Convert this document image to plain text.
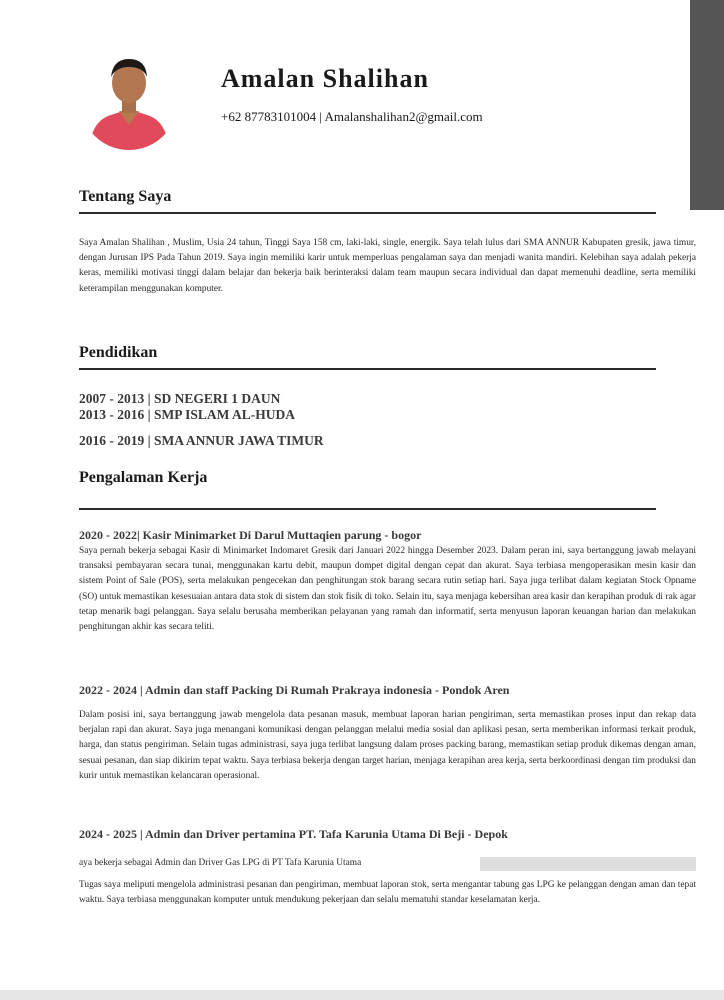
Amalan Shalihan
+62 87783101004 | Amalanshalihan2@gmail.com
Tentang Saya

Saya Amalan Shalihan , Muslim, Usia 24 tahun, Tinggi Saya 158 cm, laki-laki, single, energik. Saya telah lulus dari SMA ANNUR Kabupaten gresik, jawa timur, dengan Jurusan IPS Pada Tahun 2019. Saya ingin memiliki karir untuk memperluas pengalaman saya dan menjadi wanita mandiri. Kelebihan saya adalah pekerja keras, memiliki motivasi tinggi dalam belajar dan bekerja baik berinteraksi dalam team maupun secara individual dan dapat memenuhi deadline, serta memiliki keterampilan menggunakan komputer.

Pendidikan
2007 - 2013 | SD NEGERI 1 DAUN
2013 - 2016 | SMP ISLAM AL-HUDA
2016 - 2019 | SMA ANNUR JAWA TIMUR
Pengalaman Kerja
2020 - 2022| Kasir Minimarket Di Darul Muttaqien parung - bogor

Saya pernah bekerja sebagai Kasir di Minimarket Indomaret Gresik dari Januari 2022 hingga Desember 2023. Dalam peran ini, saya bertanggung jawab melayani transaksi pembayaran secara tunai, menggunakan kartu debit, maupun dompet digital dengan cepat dan akurat. Saya terbiasa mengoperasikan mesin kasir dan sistem Point of Sale (POS), serta melakukan pengecekan dan penghitungan stok barang secara rutin setiap hari. Saya juga terlibat dalam kegiatan Stock Opname (SO) untuk memastikan kesesuaian antara data stok di sistem dan stok fisik di toko. Selain itu, saya menjaga kebersihan area kasir dan kerapihan produk di rak agar tetap menarik bagi pelanggan. Saya selalu berusaha memberikan pelayanan yang ramah dan informatif, serta menyusun laporan keuangan harian dan melakukan penghitungan akhir kas secara teliti.

2022 - 2024 | Admin dan staff Packing Di Rumah Prakraya indonesia - Pondok Aren

Dalam posisi ini, saya bertanggung jawab mengelola data pesanan masuk, membuat laporan harian pengiriman, serta memastikan proses input dan rekap data berjalan rapi dan akurat. Saya juga menangani komunikasi dengan pelanggan melalui media sosial dan aplikasi pesan, serta memberikan informasi terkait produk, harga, dan status pengiriman. Selain tugas administrasi, saya juga terlibat langsung dalam proses packing barang, memastikan setiap produk dikemas dengan aman, sesuai pesanan, dan siap dikirim tepat waktu. Saya terbiasa bekerja dengan target harian, menjaga kerapihan area kerja, serta berkoordinasi dengan tim produksi dan kurir untuk memastikan kelancaran operasional.

2024 - 2025 | Admin dan Driver pertamina PT. Tafa Karunia Utama Di Beji - Depok
aya bekerja sebagai Admin dan Driver Gas LPG di PT Tafa Karunia Utama

Tugas saya meliputi mengelola administrasi pesanan dan pengiriman, membuat laporan stok, serta mengantar tabung gas LPG ke pelanggan dengan aman dan tepat waktu. Saya terbiasa menggunakan komputer untuk mendukung pekerjaan dan selalu mematuhi standar keselamatan kerja.
